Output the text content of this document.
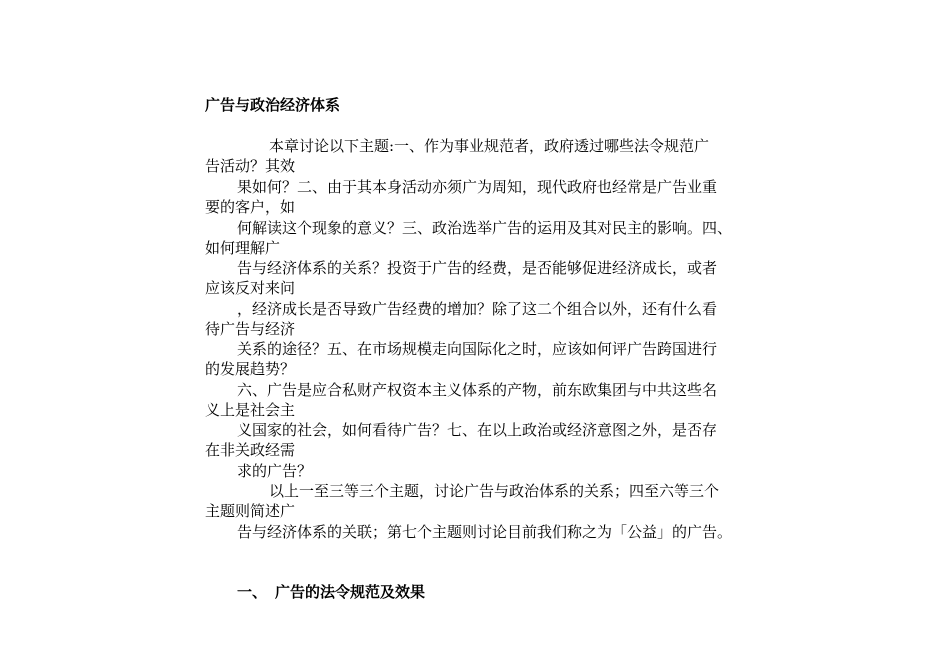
广告与政治经济体系
本章讨论以下主题:一、作为事业规范者，政府透过哪些法令规范广
告活动？其效
果如何？二、由于其本身活动亦须广为周知，现代政府也经常是广告业重
要的客户，如
何解读这个现象的意义？三、政治选举广告的运用及其对民主的影响。四、
如何理解广
告与经济体系的关系？投资于广告的经费，是否能够促进经济成长，或者
应该反对来问
，经济成长是否导致广告经费的增加？除了这二个组合以外，还有什么看
待广告与经济
关系的途径？五、在市场规模走向国际化之时，应该如何评广告跨国进行
的发展趋势？
六、广告是应合私财产权资本主义体系的产物，前东欧集团与中共这些名
义上是社会主
义国家的社会，如何看待广告？七、在以上政治或经济意图之外，是否存
在非关政经需
求的广告？
以上一至三等三个主题，讨论广告与政治体系的关系；四至六等三个
主题则简述广
告与经济体系的关联；第七个主题则讨论目前我们称之为「公益」的广告。
一、 广告的法令规范及效果
